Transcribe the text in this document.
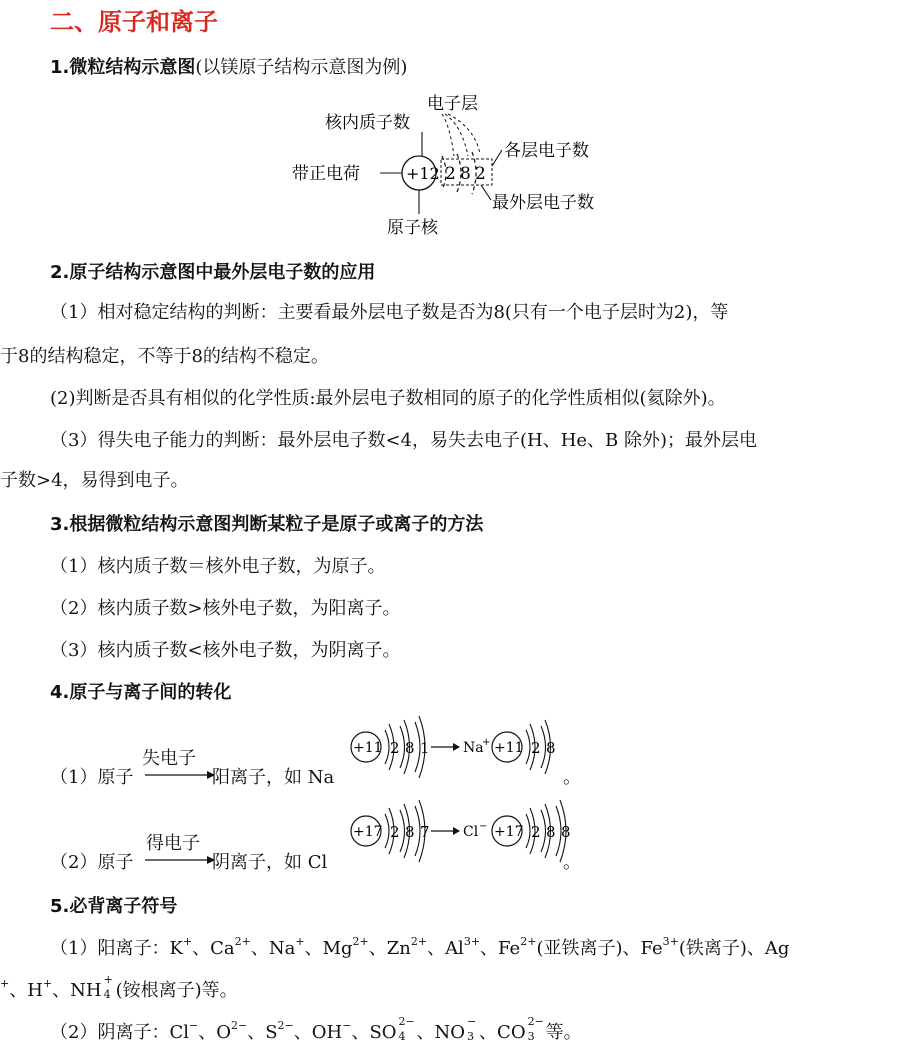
二、原子和离子
1.微粒结构示意图(以镁原子结构示意图为例)
电子层
核内质子数
带正电荷
各层电子数
最外层电子数
原子核
+12 2 8 2
2.原子结构示意图中最外层电子数的应用
（1）相对稳定结构的判断：主要看最外层电子数是否为8(只有一个电子层时为2)，等
于8的结构稳定，不等于8的结构不稳定。
(2)判断是否具有相似的化学性质:最外层电子数相同的原子的化学性质相似(氦除外)。
（3）得失电子能力的判断：最外层电子数<4，易失去电子(H、He、B 除外)；最外层电
子数>4，易得到电子。
3.根据微粒结构示意图判断某粒子是原子或离子的方法
（1）核内质子数＝核外电子数，为原子。
（2）核内质子数>核外电子数，为阳离子。
（3）核内质子数<核外电子数，为阴离子。
4.原子与离子间的转化
（1）原子
失电子
阳离子，如 Na
+11 2 8 1 Na
+ +11 2 8
。
（2）原子
得电子
阴离子，如 Cl
+17 2 8 7 Cl − +17 2 8 8
。
5.必背离子符号
（1）阳离子：K+、$Ca^{2+}$、Na+、$Mg^{2+}$、$Zn^{2+}$、$Al^{3+}$、$Fe^{2+}$(亚铁离子)、$Fe^{3+}$(铁离子)、Ag
+、H+、NH
+
4 (铵根离子)等。
（2）阴离子：Cl−、$O^{2-}$、$S^{2-}$、OH−、SO
2−
4 、NO
−
3 、CO
2−
3 等。
